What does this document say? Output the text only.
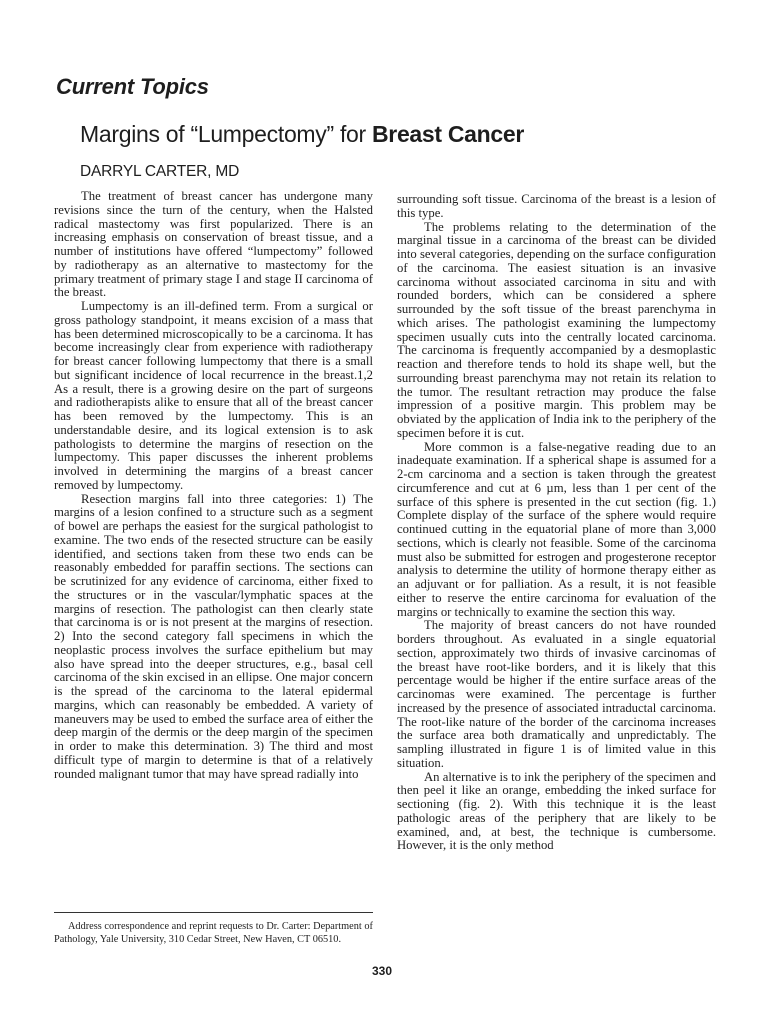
Current Topics
Margins of “Lumpectomy” for Breast Cancer
DARRYL CARTER, MD

The treatment of breast cancer has undergone many revisions since the turn of the century, when the Halsted radical mastectomy was first popularized. There is an increasing emphasis on conservation of breast tissue, and a number of institutions have offered “lumpectomy” followed by radiotherapy as an alternative to mastectomy for the primary treatment of primary stage I and stage II carcinoma of the breast.

Lumpectomy is an ill-defined term. From a surgical or gross pathology standpoint, it means excision of a mass that has been determined microscopically to be a carcinoma. It has become increasingly clear from experience with radiotherapy for breast cancer following lumpectomy that there is a small but significant incidence of local recurrence in the breast.1,2 As a result, there is a growing desire on the part of surgeons and radiotherapists alike to ensure that all of the breast cancer has been removed by the lumpectomy. This is an understandable desire, and its logical extension is to ask pathologists to determine the margins of resection on the lumpectomy. This paper discusses the inherent problems involved in determining the margins of a breast cancer removed by lumpectomy.

Resection margins fall into three categories: 1) The margins of a lesion confined to a structure such as a segment of bowel are perhaps the easiest for the surgical pathologist to examine. The two ends of the resected structure can be easily identified, and sections taken from these two ends can be reasonably embedded for paraffin sections. The sections can be scrutinized for any evidence of carcinoma, either fixed to the structures or in the vascular/lymphatic spaces at the margins of resection. The pathologist can then clearly state that carcinoma is or is not present at the margins of resection. 2) Into the second category fall specimens in which the neoplastic process involves the surface epithelium but may also have spread into the deeper structures, e.g., basal cell carcinoma of the skin excised in an ellipse. One major concern is the spread of the carcinoma to the lateral epidermal margins, which can reasonably be embedded. A variety of maneuvers may be used to embed the surface area of either the deep margin of the dermis or the deep margin of the specimen in order to make this determination. 3) The third and most difficult type of margin to determine is that of a relatively rounded malignant tumor that may have spread radially into

surrounding soft tissue. Carcinoma of the breast is a lesion of this type.

The problems relating to the determination of the marginal tissue in a carcinoma of the breast can be divided into several categories, depending on the surface configuration of the carcinoma. The easiest situation is an invasive carcinoma without associated carcinoma in situ and with rounded borders, which can be considered a sphere surrounded by the soft tissue of the breast parenchyma in which arises. The pathologist examining the lumpectomy specimen usually cuts into the centrally located carcinoma. The carcinoma is frequently accompanied by a desmoplastic reaction and therefore tends to hold its shape well, but the surrounding breast parenchyma may not retain its relation to the tumor. The resultant retraction may produce the false impression of a positive margin. This problem may be obviated by the application of India ink to the periphery of the specimen before it is cut.

More common is a false-negative reading due to an inadequate examination. If a spherical shape is assumed for a 2-cm carcinoma and a section is taken through the greatest circumference and cut at 6 µm, less than 1 per cent of the surface of this sphere is presented in the cut section (fig. 1.) Complete display of the surface of the sphere would require continued cutting in the equatorial plane of more than 3,000 sections, which is clearly not feasible. Some of the carcinoma must also be submitted for estrogen and progesterone receptor analysis to determine the utility of hormone therapy either as an adjuvant or for palliation. As a result, it is not feasible either to reserve the entire carcinoma for evaluation of the margins or technically to examine the section this way.

The majority of breast cancers do not have rounded borders throughout. As evaluated in a single equatorial section, approximately two thirds of invasive carcinomas of the breast have root-like borders, and it is likely that this percentage would be higher if the entire surface areas of the carcinomas were examined. The percentage is further increased by the presence of associated intraductal carcinoma. The root-like nature of the border of the carcinoma increases the surface area both dramatically and unpredictably. The sampling illustrated in figure 1 is of limited value in this situation.

An alternative is to ink the periphery of the specimen and then peel it like an orange, embedding the inked surface for sectioning (fig. 2). With this technique it is the least pathologic areas of the periphery that are likely to be examined, and, at best, the technique is cumbersome. However, it is the only method

Address correspondence and reprint requests to Dr. Carter: Department of Pathology, Yale University, 310 Cedar Street, New Haven, CT 06510.
330
